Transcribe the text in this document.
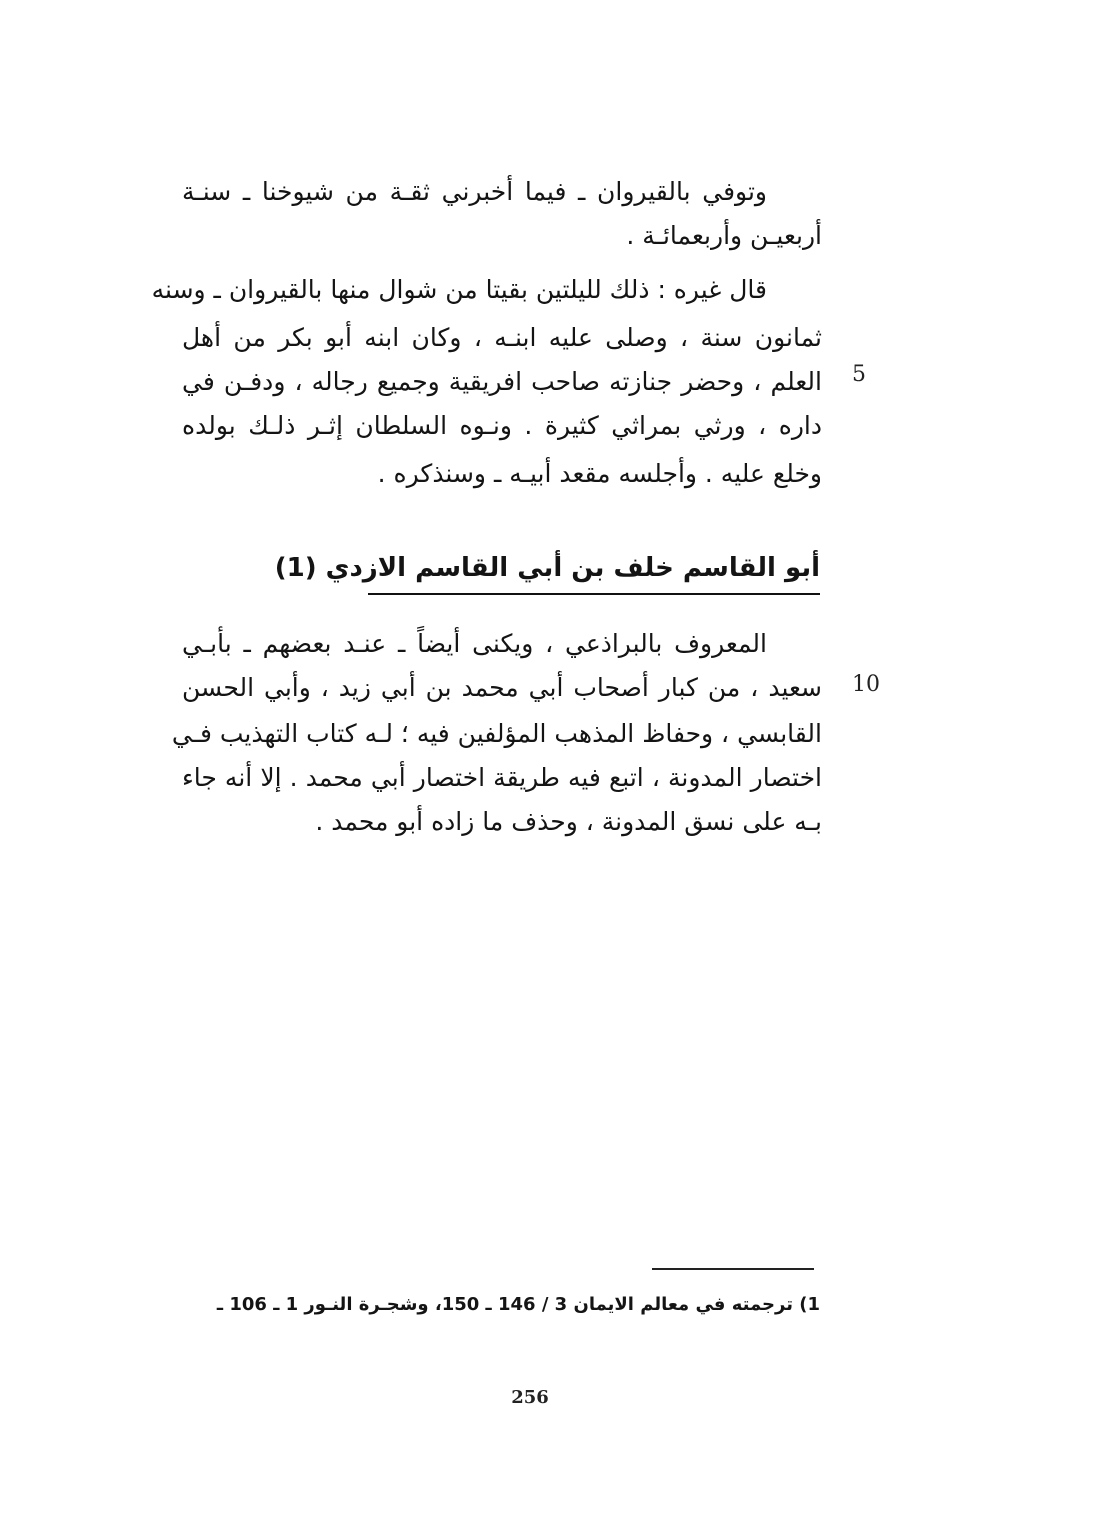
وتوفي بالقيروان ـ فيما أخبرني ثقـة من شيوخنا ـ سنـة
أربعيـن وأربعمائـة .
قال غيره : ذلك لليلتين بقيتا من شوال منها بالقيروان ـ وسنه
ثمانون سنة ، وصلى عليه ابنـه ، وكان ابنه أبو بكر من أهل
العلم ، وحضر جنازته صاحب افريقية وجميع رجاله ، ودفـن في
داره ، ورثي بمراثي كثيرة . ونـوه السلطان إثـر ذلـك بولده
وخلع عليه . وأجلسه مقعد أبيـه ـ وسنذكره .
5
أبو القاسم خلف بن أبي القاسم الازدي (1)
المعروف بالبراذعي ، ويكنى أيضاً ـ عنـد بعضهم ـ بأبـي
سعيد ، من كبار أصحاب أبي محمد بن أبي زيد ، وأبي الحسن
القابسي ، وحفاظ المذهب المؤلفين فيه ؛ لـه كتاب التهذيب فـي
اختصار المدونة ، اتبع فيه طريقة اختصار أبي محمد . إلا أنه جاء
بـه على نسق المدونة ، وحذف ما زاده أبو محمد .
10
1) ترجمته في معالم الايمان 3 / 146 ـ 150، وشجـرة النـور 1 ـ 106 ـ
256
